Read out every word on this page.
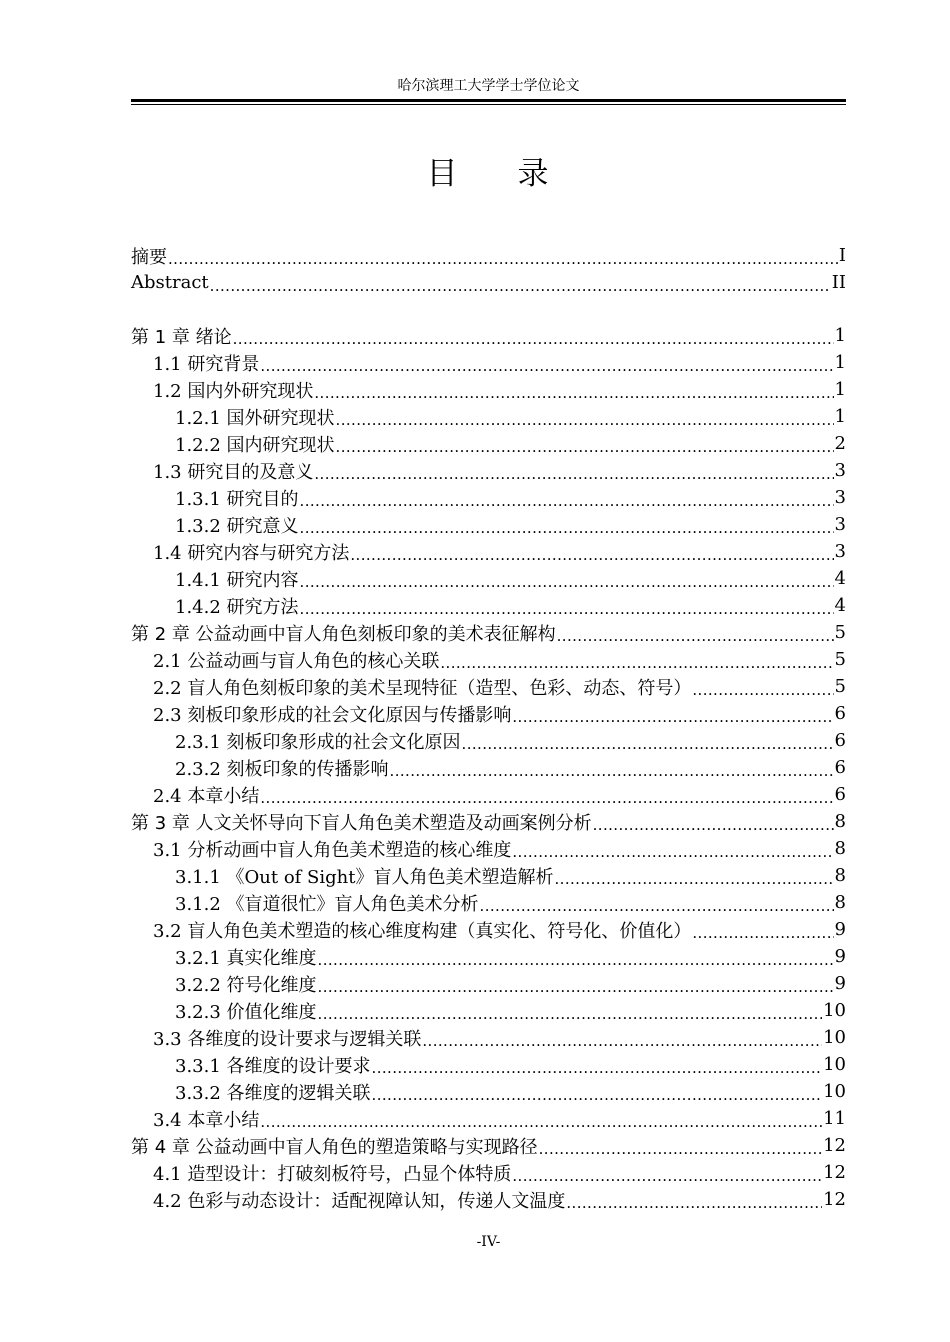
哈尔滨理工大学学士学位论文
目 录
摘要 .....	I
Abstract .....	II
第 1 章 绪论 .....	1
1.1 研究背景 .....	1
1.2 国内外研究现状 .....	1
1.2.1 国外研究现状 .....	1
1.2.2 国内研究现状 .....	2
1.3 研究目的及意义 .....	3
1.3.1 研究目的 .....	3
1.3.2 研究意义 .....	3
1.4 研究内容与研究方法 .....	3
1.4.1 研究内容 .....	4
1.4.2 研究方法 .....	4
第 2 章 公益动画中盲人角色刻板印象的美术表征解构 .....	5
2.1 公益动画与盲人角色的核心关联 .....	5
2.2 盲人角色刻板印象的美术呈现特征（造型、色彩、动态、符号） .....	5
2.3 刻板印象形成的社会文化原因与传播影响 .....	6
2.3.1 刻板印象形成的社会文化原因 .....	6
2.3.2 刻板印象的传播影响 .....	6
2.4 本章小结 .....	6
第 3 章 人文关怀导向下盲人角色美术塑造及动画案例分析 .....	8
3.1 分析动画中盲人角色美术塑造的核心维度 .....	8
3.1.1 《Out of Sight》盲人角色美术塑造解析 .....	8
3.1.2 《盲道很忙》盲人角色美术分析 .....	8
3.2 盲人角色美术塑造的核心维度构建（真实化、符号化、价值化） .....	9
3.2.1 真实化维度 .....	9
3.2.2 符号化维度 .....	9
3.2.3 价值化维度 .....	10
3.3 各维度的设计要求与逻辑关联 .....	10
3.3.1 各维度的设计要求 .....	10
3.3.2 各维度的逻辑关联 .....	10
3.4 本章小结 .....	11
第 4 章 公益动画中盲人角色的塑造策略与实现路径 .....	12
4.1 造型设计：打破刻板符号，凸显个体特质 .....	12
4.2 色彩与动态设计：适配视障认知，传递人文温度 .....	12
-IV-
